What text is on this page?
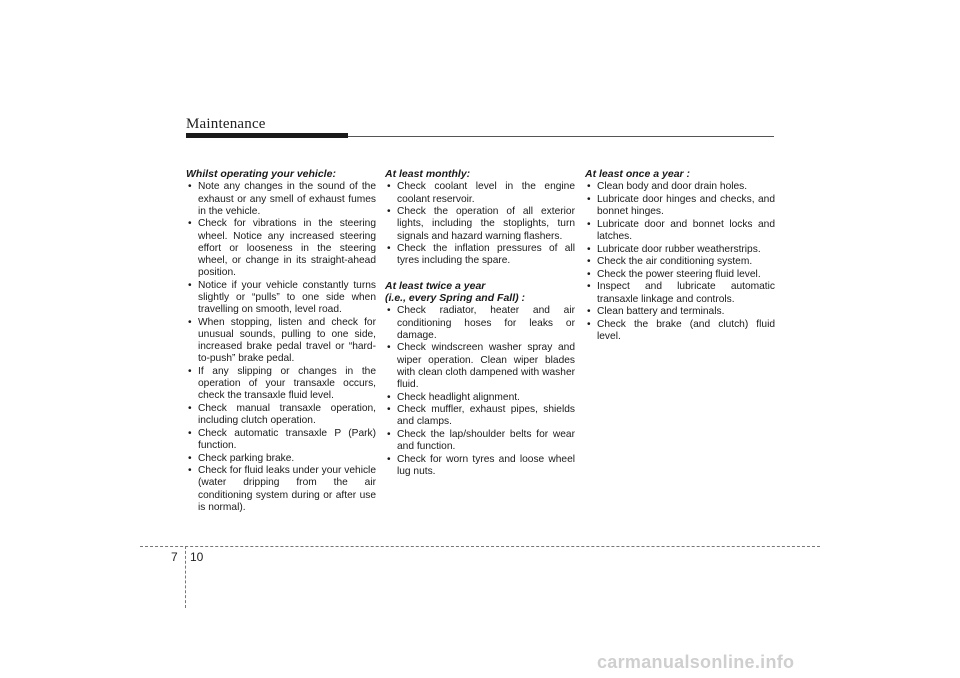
Maintenance

Whilst operating your vehicle:

• Note any changes in the sound of the exhaust or any smell of exhaust fumes in the vehicle.
• Check for vibrations in the steering wheel. Notice any increased steering effort or looseness in the steering wheel, or change in its straight-ahead position.
• Notice if your vehicle constantly turns slightly or “pulls” to one side when travelling on smooth, level road.
• When stopping, listen and check for unusual sounds, pulling to one side, increased brake pedal travel or “hard-to-push” brake pedal.
• If any slipping or changes in the operation of your transaxle occurs, check the transaxle fluid level.
• Check manual transaxle operation, including clutch operation.
• Check automatic transaxle P (Park) function.
• Check parking brake.
• Check for fluid leaks under your vehicle (water dripping from the air conditioning system during or after use is normal).

At least monthly:

• Check coolant level in the engine coolant reservoir.
• Check the operation of all exterior lights, including the stoplights, turn signals and hazard warning flashers.
• Check the inflation pressures of all tyres including the spare.

At least twice a year
(i.e., every Spring and Fall) :

• Check radiator, heater and air conditioning hoses for leaks or damage.
• Check windscreen washer spray and wiper operation. Clean wiper blades with clean cloth dampened with washer fluid.
• Check headlight alignment.
• Check muffler, exhaust pipes, shields and clamps.
• Check the lap/shoulder belts for wear and function.
• Check for worn tyres and loose wheel lug nuts.

At least once a year :

• Clean body and door drain holes.
• Lubricate door hinges and checks, and bonnet hinges.
• Lubricate door and bonnet locks and latches.
• Lubricate door rubber weatherstrips.
• Check the air conditioning system.
• Check the power steering fluid level.
• Inspect and lubricate automatic transaxle linkage and controls.
• Clean battery and terminals.
• Check the brake (and clutch) fluid level.
7 10
carmanualsonline.info
